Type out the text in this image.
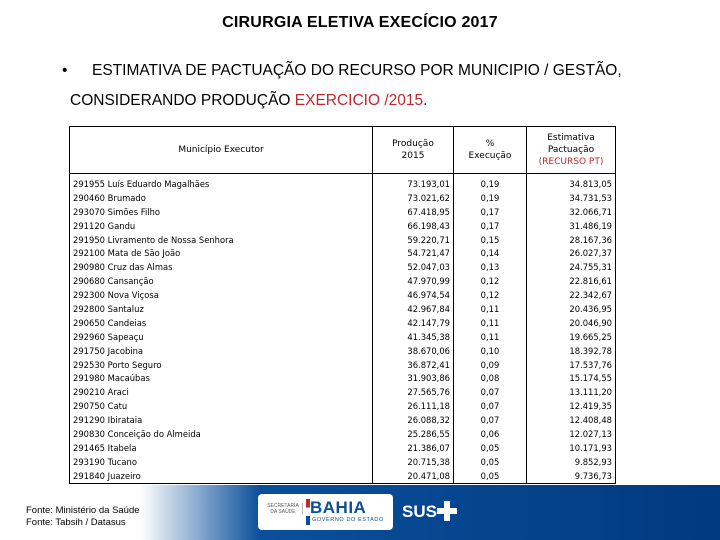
CIRURGIA ELETIVA EXECÍCIO 2017
• ESTIMATIVA DE PACTUAÇÃO DO RECURSO POR MUNICIPIO / GESTÃO,
CONSIDERANDO PRODUÇÃO EXERCICIO /2015.
Município Executor	Produção 2015	% Execução	Estimativa Pactuação
(RECURSO PT)

291955 Luís Eduardo Magalhães	73.193,01	0,19	34.813,05
290460 Brumado	73.021,62	0,19	34.731,53
293070 Simões Filho	67.418,95	0,17	32.066,71
291120 Gandu	66.198,43	0,17	31.486,19
291950 Livramento de Nossa Senhora	59.220,71	0,15	28.167,36
292100 Mata de São João	54.721,47	0,14	26.027,37
290980 Cruz das Almas	52.047,03	0,13	24.755,31
290680 Cansanção	47.970,99	0,12	22.816,61
292300 Nova Viçosa	46.974,54	0,12	22.342,67
292800 Santaluz	42.967,84	0,11	20.436,95
290650 Candeias	42.147,79	0,11	20.046,90
292960 Sapeaçu	41.345,38	0,11	19.665,25
291750 Jacobina	38.670,06	0,10	18.392,78
292530 Porto Seguro	36.872,41	0,09	17.537,76
291980 Macaúbas	31.903,86	0,08	15.174,55
290210 Araci	27.565,76	0,07	13.111,20
290750 Catu	26.111,18	0,07	12.419,35
291290 Ibirataia	26.088,32	0,07	12.408,48
290830 Conceição do Almeida	25.286,55	0,06	12.027,13
291465 Itabela	21.386,07	0,05	10.171,93
293190 Tucano	20.715,38	0,05	9.852,93
291840 Juazeiro	20.471,08	0,05	9.736,73
Fonte: Ministério da Saúde
Fonte: Tabsih / Datasus
SECRETARIA DA SAÚDE BAHIA
GOVERNO DO ESTADO SUS
